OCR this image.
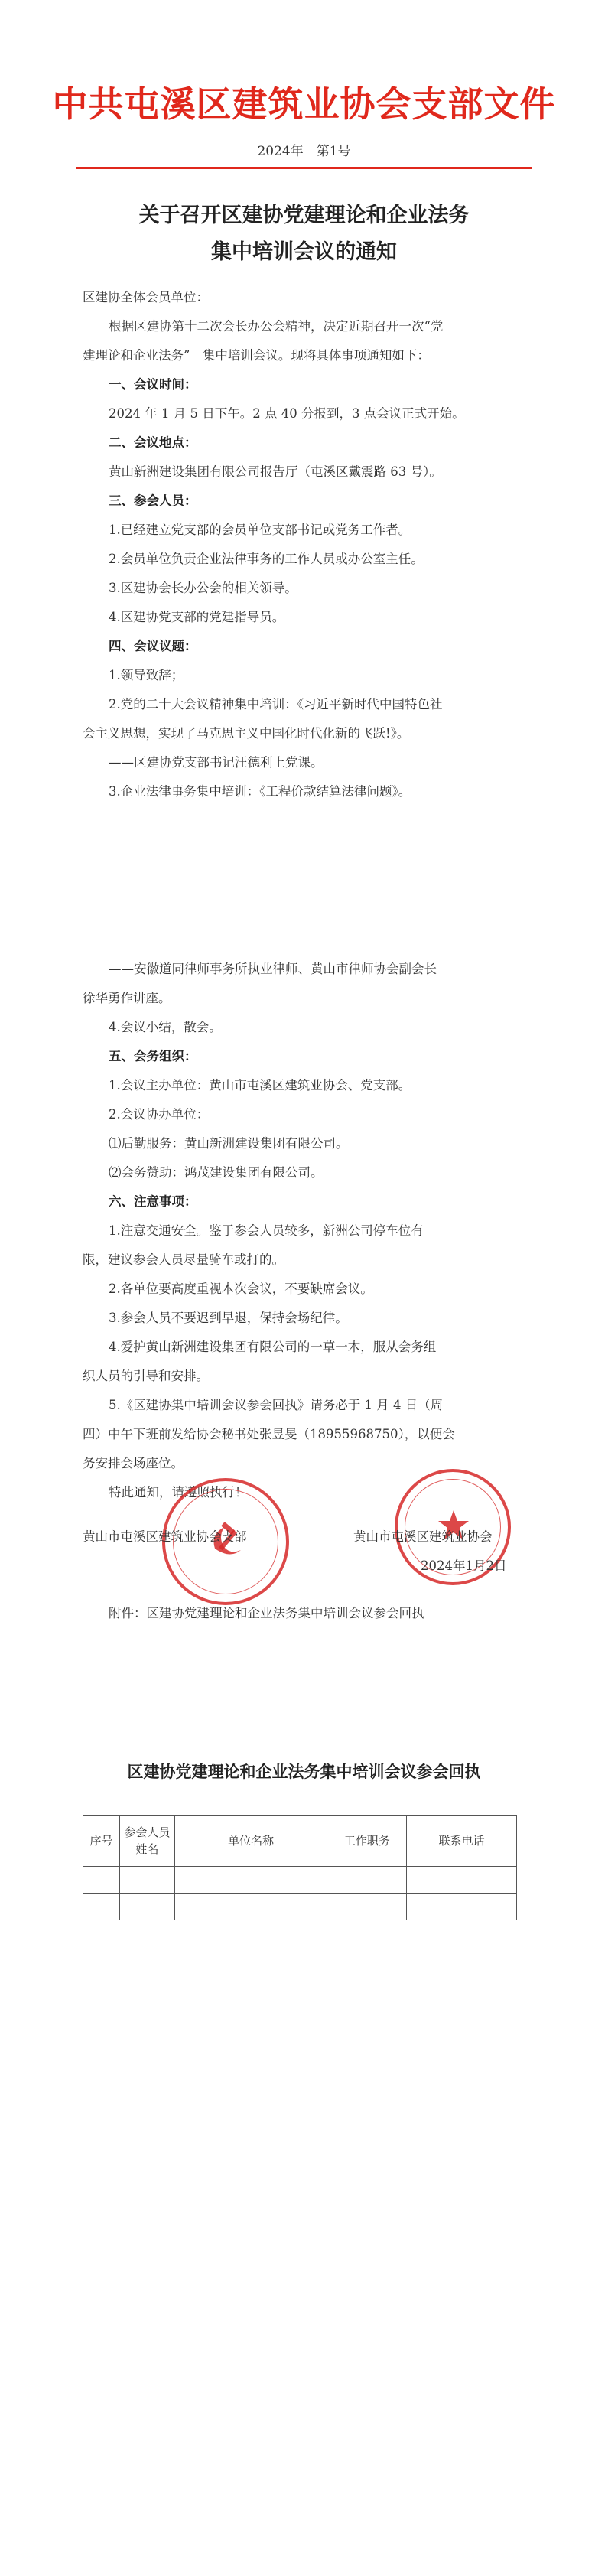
中共屯溪区建筑业协会支部文件
2024年　第1号
关于召开区建协党建理论和企业法务
集中培训会议的通知
区建协全体会员单位：
根据区建协第十二次会长办公会精神，决定近期召开一次“党
建理论和企业法务”　集中培训会议。现将具体事项通知如下：
一、会议时间：
2024 年 1 月 5 日下午。2 点 40 分报到，3 点会议正式开始。
二、会议地点：
黄山新洲建设集团有限公司报告厅（屯溪区戴震路 63 号）。
三、参会人员：
1.已经建立党支部的会员单位支部书记或党务工作者。
2.会员单位负责企业法律事务的工作人员或办公室主任。
3.区建协会长办公会的相关领导。
4.区建协党支部的党建指导员。
四、会议议题：
1.领导致辞；
2.党的二十大会议精神集中培训：《习近平新时代中国特色社
会主义思想，实现了马克思主义中国化时代化新的飞跃!》。
——区建协党支部书记汪德利上党课。
3.企业法律事务集中培训：《工程价款结算法律问题》。
——安徽道同律师事务所执业律师、黄山市律师协会副会长
徐华勇作讲座。
4.会议小结，散会。
五、会务组织：
1.会议主办单位：黄山市屯溪区建筑业协会、党支部。
2.会议协办单位：
⑴后勤服务：黄山新洲建设集团有限公司。
⑵会务赞助：鸿茂建设集团有限公司。
六、注意事项：
1.注意交通安全。鉴于参会人员较多，新洲公司停车位有
限，建议参会人员尽量骑车或打的。
2.各单位要高度重视本次会议，不要缺席会议。
3.参会人员不要迟到早退，保持会场纪律。
4.爱护黄山新洲建设集团有限公司的一草一木，服从会务组
织人员的引导和安排。
5.《区建协集中培训会议参会回执》请务必于 1 月 4 日（周
四）中午下班前发给协会秘书处张昱旻（18955968750），以便会
务安排会场座位。
特此通知，请遵照执行！
黄山市屯溪区建筑业协会支部	黄山市屯溪区建筑业协会
2024年1月2日
附件：区建协党建理论和企业法务集中培训会议参会回执
区建协党建理论和企业法务集中培训会议参会回执
序号	参会人员姓名	单位名称	工作职务	联系电话
